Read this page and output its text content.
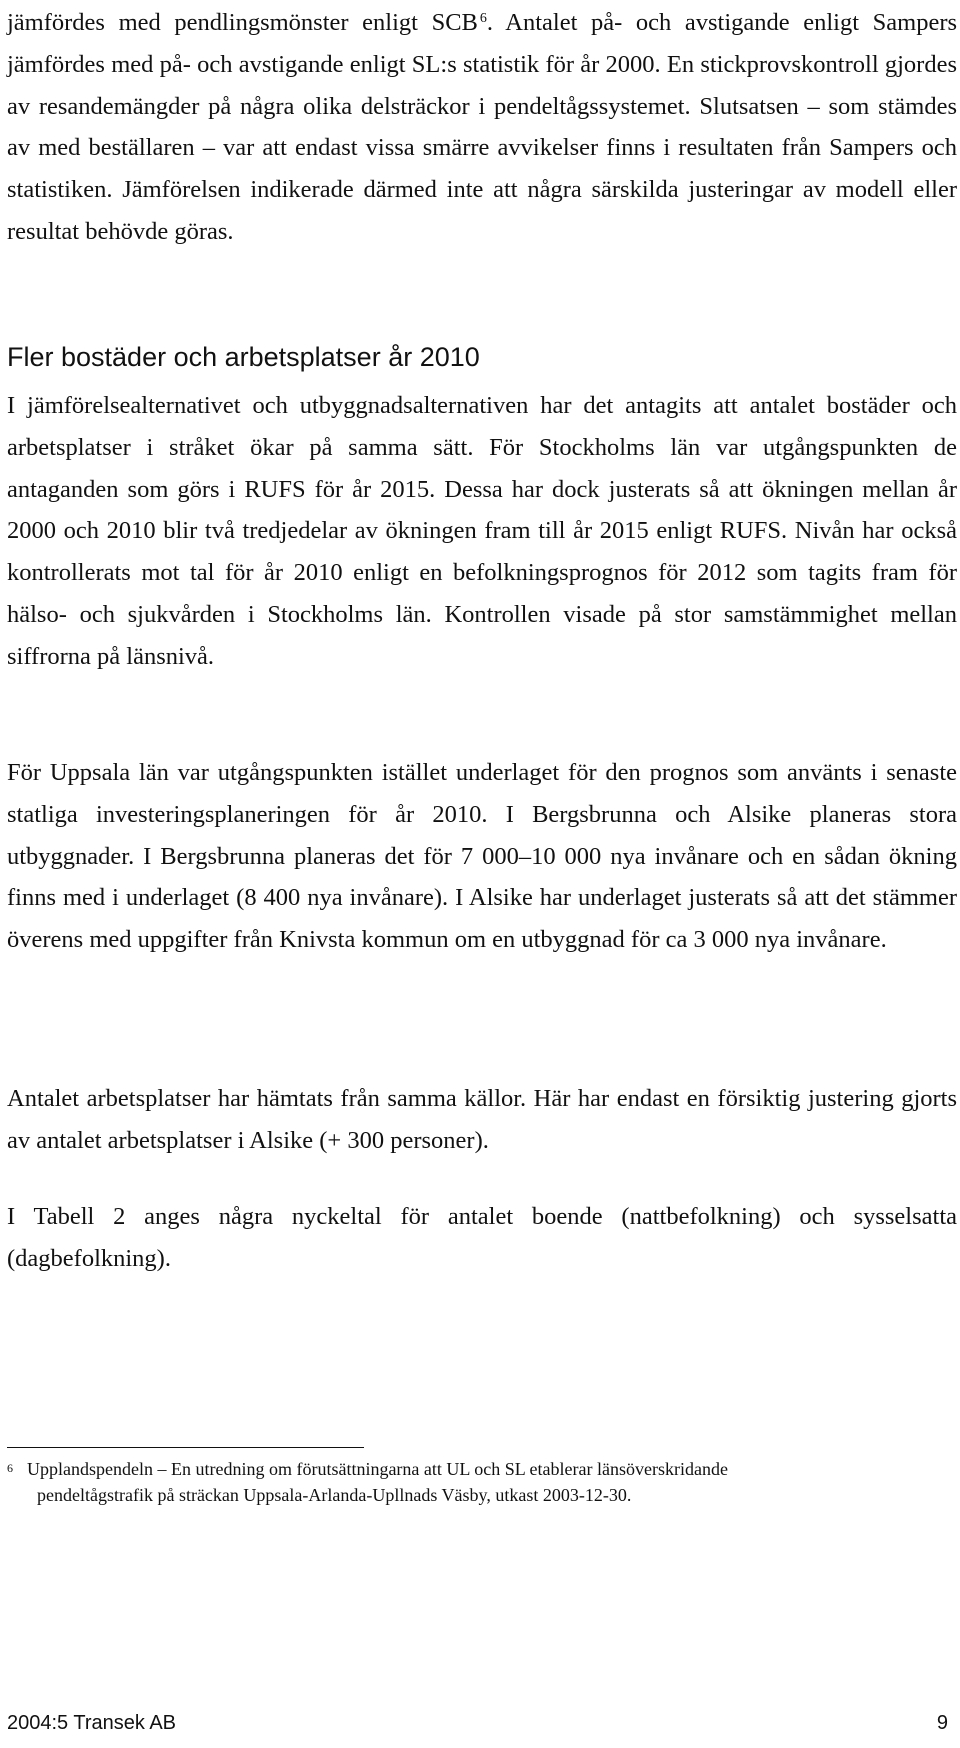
jämfördes med pendlingsmönster enligt SCB $^6$. Antalet på- och avstigande enligt Sampers jämfördes med på- och avstigande enligt SL:s statistik för år 2000. En stickprovskontroll gjordes av resandemängder på några olika delsträckor i pendeltågssystemet. Slutsatsen – som stämdes av med beställaren – var att endast vissa smärre avvikelser finns i resultaten från Sampers och statistiken. Jämförelsen indikerade därmed inte att några särskilda justeringar av modell eller resultat behövde göras.

Fler bostäder och arbetsplatser år 2010

I jämförelsealternativet och utbyggnadsalternativen har det antagits att antalet bostäder och arbetsplatser i stråket ökar på samma sätt. För Stockholms län var utgångspunkten de antaganden som görs i RUFS för år 2015. Dessa har dock justerats så att ökningen mellan år 2000 och 2010 blir två tredjedelar av ökningen fram till år 2015 enligt RUFS. Nivån har också kontrollerats mot tal för år 2010 enligt en befolkningsprognos för 2012 som tagits fram för hälso- och sjukvården i Stockholms län. Kontrollen visade på stor samstämmighet mellan siffrorna på länsnivå.

För Uppsala län var utgångspunkten istället underlaget för den prognos som använts i senaste statliga investeringsplaneringen för år 2010. I Bergsbrunna och Alsike planeras stora utbyggnader. I Bergsbrunna planeras det för 7 000–10 000 nya invånare och en sådan ökning finns med i underlaget (8 400 nya invånare). I Alsike har underlaget justerats så att det stämmer överens med uppgifter från Knivsta kommun om en utbyggnad för ca 3 000 nya invånare.

Antalet arbetsplatser har hämtats från samma källor. Här har endast en försiktig justering gjorts av antalet arbetsplatser i Alsike (+ 300 personer).

I Tabell 2 anges några nyckeltal för antalet boende (nattbefolkning) och sysselsatta (dagbefolkning).

6 Upplandspendeln – En utredning om förutsättningarna att UL och SL etablerar länsöverskridande
pendeltågstrafik på sträckan Uppsala-Arlanda-Upllnads Väsby, utkast 2003-12-30.
2004:5 Transek AB	9
